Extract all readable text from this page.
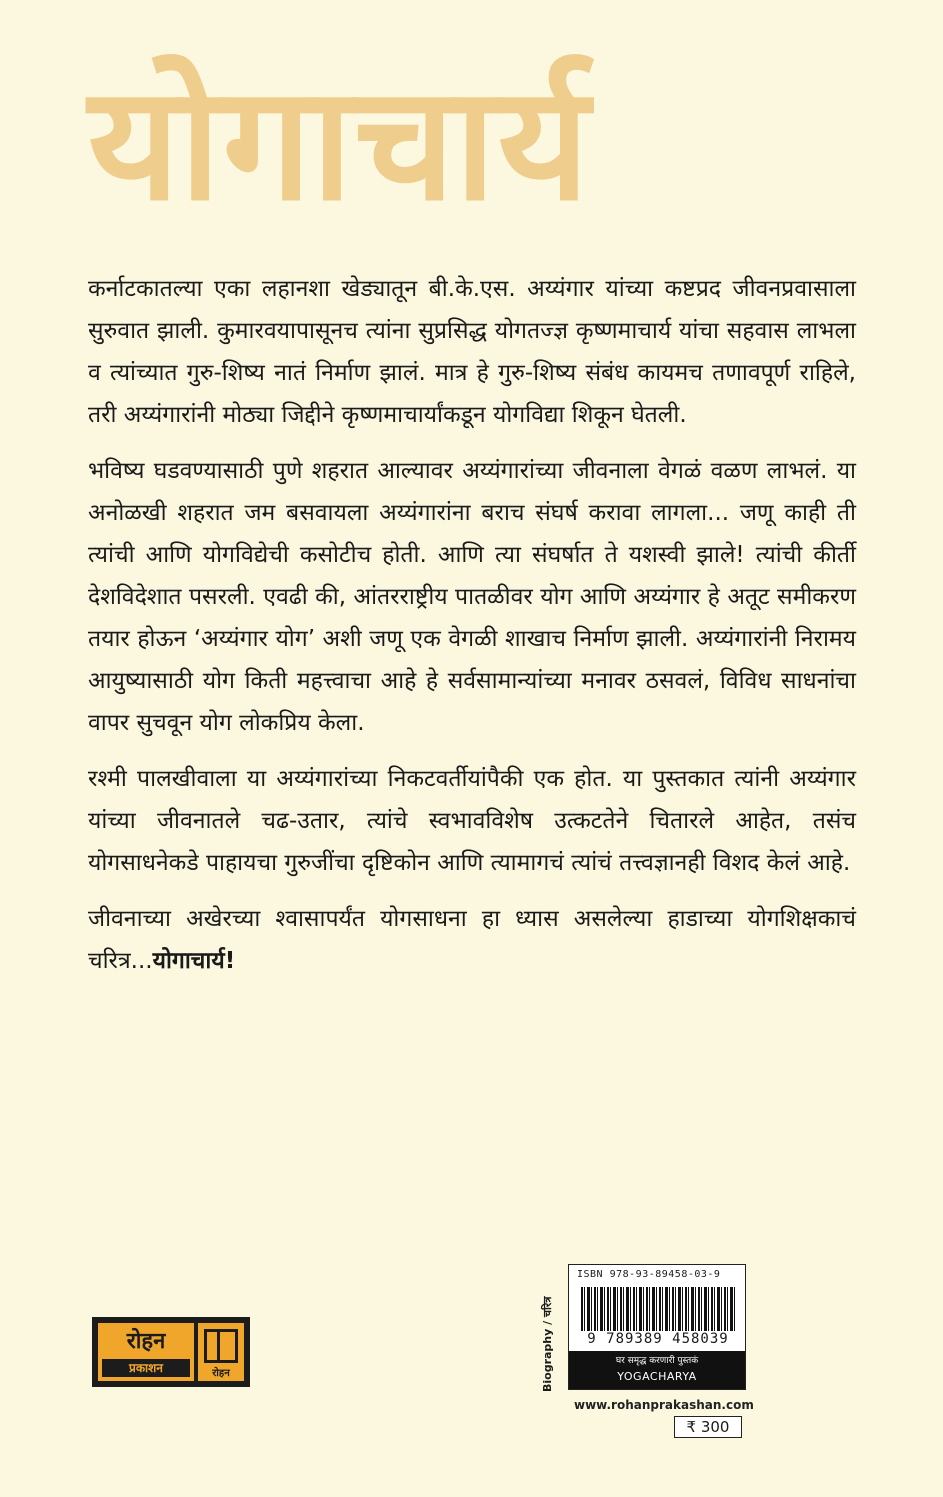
योगाचार्य

कर्नाटकातल्या एका लहानशा खेड्यातून बी.के.एस. अय्यंगार यांच्या कष्टप्रद जीवनप्रवासाला सुरुवात झाली. कुमारवयापासूनच त्यांना सुप्रसिद्ध योगतज्ज्ञ कृष्णमाचार्य यांचा सहवास लाभला व त्यांच्यात गुरु-शिष्य नातं निर्माण झालं. मात्र हे गुरु-शिष्य संबंध कायमच तणावपूर्ण राहिले, तरी अय्यंगारांनी मोठ्या जिद्दीने कृष्णमाचार्यांकडून योगविद्या शिकून घेतली.

भविष्य घडवण्यासाठी पुणे शहरात आल्यावर अय्यंगारांच्या जीवनाला वेगळं वळण लाभलं. या अनोळखी शहरात जम बसवायला अय्यंगारांना बराच संघर्ष करावा लागला... जणू काही ती त्यांची आणि योगविद्येची कसोटीच होती. आणि त्या संघर्षात ते यशस्वी झाले! त्यांची कीर्ती देशविदेशात पसरली. एवढी की, आंतरराष्ट्रीय पातळीवर योग आणि अय्यंगार हे अतूट समीकरण तयार होऊन ‘अय्यंगार योग’ अशी जणू एक वेगळी शाखाच निर्माण झाली. अय्यंगारांनी निरामय आयुष्यासाठी योग किती महत्त्वाचा आहे हे सर्वसामान्यांच्या मनावर ठसवलं, विविध साधनांचा वापर सुचवून योग लोकप्रिय केला.

रश्मी पालखीवाला या अय्यंगारांच्या निकटवर्तीयांपैकी एक होत. या पुस्तकात त्यांनी अय्यंगार यांच्या जीवनातले चढ-उतार, त्यांचे स्वभावविशेष उत्कटतेने चितारले आहेत, तसंच योगसाधनेकडे पाहायचा गुरुजींचा दृष्टिकोन आणि त्यामागचं त्यांचं तत्त्वज्ञानही विशद केलं आहे.

जीवनाच्या अखेरच्या श्वासापर्यंत योगसाधना हा ध्यास असलेल्या हाडाच्या योगशिक्षकाचं चरित्र...योगाचार्य!

रोहन
प्रकाशन	रोहन	Biography / चरित्र
ISBN 978-93-89458-03-9
9 789389 458039
घर समृद्ध करणारी पुस्तकं
YOGACHARYA
www.rohanprakashan.com
₹ 300
